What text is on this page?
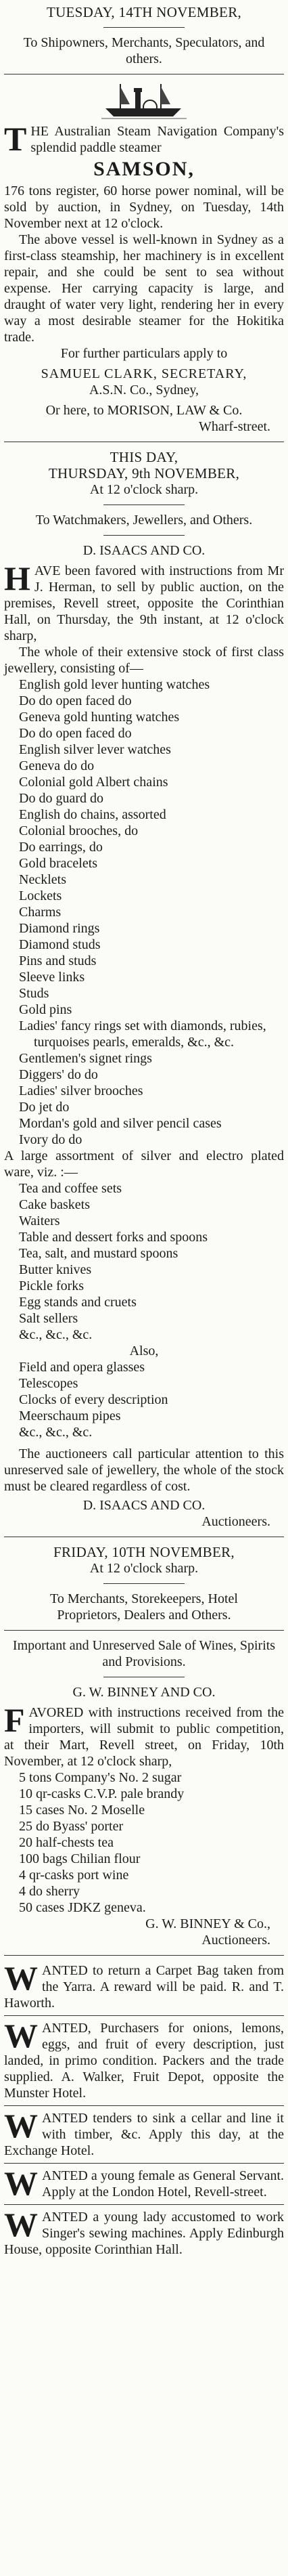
TUESDAY, 14TH NOVEMBER,
To Shipowners, Merchants, Speculators, and others.
THE Australian Steam Navigation Company's splendid paddle steamer
SAMSON,
176 tons register, 60 horse power nominal, will be sold by auction, in Sydney, on Tuesday, 14th November next at 12 o'clock.
The above vessel is well-known in Sydney as a first-class steamship, her machinery is in excellent repair, and she could be sent to sea without expense. Her carrying capacity is large, and draught of water very light, rendering her in every way a most desirable steamer for the Hokitika trade.
For further particulars apply to
SAMUEL CLARK, SECRETARY,
A.S.N. Co., Sydney,
Or here, to MORISON, LAW & Co.
Wharf-street.
THIS DAY,
THURSDAY, 9th NOVEMBER,
At 12 o'clock sharp.
To Watchmakers, Jewellers, and Others.
D. ISAACS AND CO.
HAVE been favored with instructions from Mr J. Herman, to sell by public auction, on the premises, Revell street, opposite the Corinthian Hall, on Thursday, the 9th instant, at 12 o'clock sharp,
The whole of their extensive stock of first class jewellery, consisting of—
English gold lever hunting watches
Do do open faced do
Geneva gold hunting watches
Do do open faced do
English silver lever watches
Geneva do do
Colonial gold Albert chains
Do do guard do
English do chains, assorted
Colonial brooches, do
Do earrings, do
Gold bracelets
Necklets
Lockets
Charms
Diamond rings
Diamond studs
Pins and studs
Sleeve links
Studs
Gold pins
Ladies' fancy rings set with diamonds, rubies, turquoises pearls, emeralds, &c., &c.
Gentlemen's signet rings
Diggers' do do
Ladies' silver brooches
Do jet do
Mordan's gold and silver pencil cases
Ivory do do
A large assortment of silver and electro plated ware, viz. :—
Tea and coffee sets
Cake baskets
Waiters
Table and dessert forks and spoons
Tea, salt, and mustard spoons
Butter knives
Pickle forks
Egg stands and cruets
Salt sellers
&c., &c., &c.
Also,
Field and opera glasses
Telescopes
Clocks of every description
Meerschaum pipes
&c., &c., &c.
The auctioneers call particular attention to this unreserved sale of jewellery, the whole of the stock must be cleared regardless of cost.
D. ISAACS AND CO.
Auctioneers.
FRIDAY, 10TH NOVEMBER,
At 12 o'clock sharp.
To Merchants, Storekeepers, Hotel Proprietors, Dealers and Others.
Important and Unreserved Sale of Wines, Spirits and Provisions.
G. W. BINNEY AND CO.
FAVORED with instructions received from the importers, will submit to public competition, at their Mart, Revell street, on Friday, 10th November, at 12 o'clock sharp,
5 tons Company's No. 2 sugar
10 qr-casks C.V.P. pale brandy
15 cases No. 2 Moselle
25 do Byass' porter
20 half-chests tea
100 bags Chilian flour
4 qr-casks port wine
4 do sherry
50 cases JDKZ geneva.
G. W. BINNEY & Co.,
Auctioneers.
WANTED to return a Carpet Bag taken from the Yarra. A reward will be paid. R. and T. Haworth.
WANTED, Purchasers for onions, lemons, eggs, and fruit of every description, just landed, in primo condition. Packers and the trade supplied. A. Walker, Fruit Depot, opposite the Munster Hotel.
WANTED tenders to sink a cellar and line it with timber, &c. Apply this day, at the Exchange Hotel.
WANTED a young female as General Servant. Apply at the London Hotel, Revell-street.
WANTED a young lady accustomed to work Singer's sewing machines. Apply Edinburgh House, opposite Corinthian Hall.
